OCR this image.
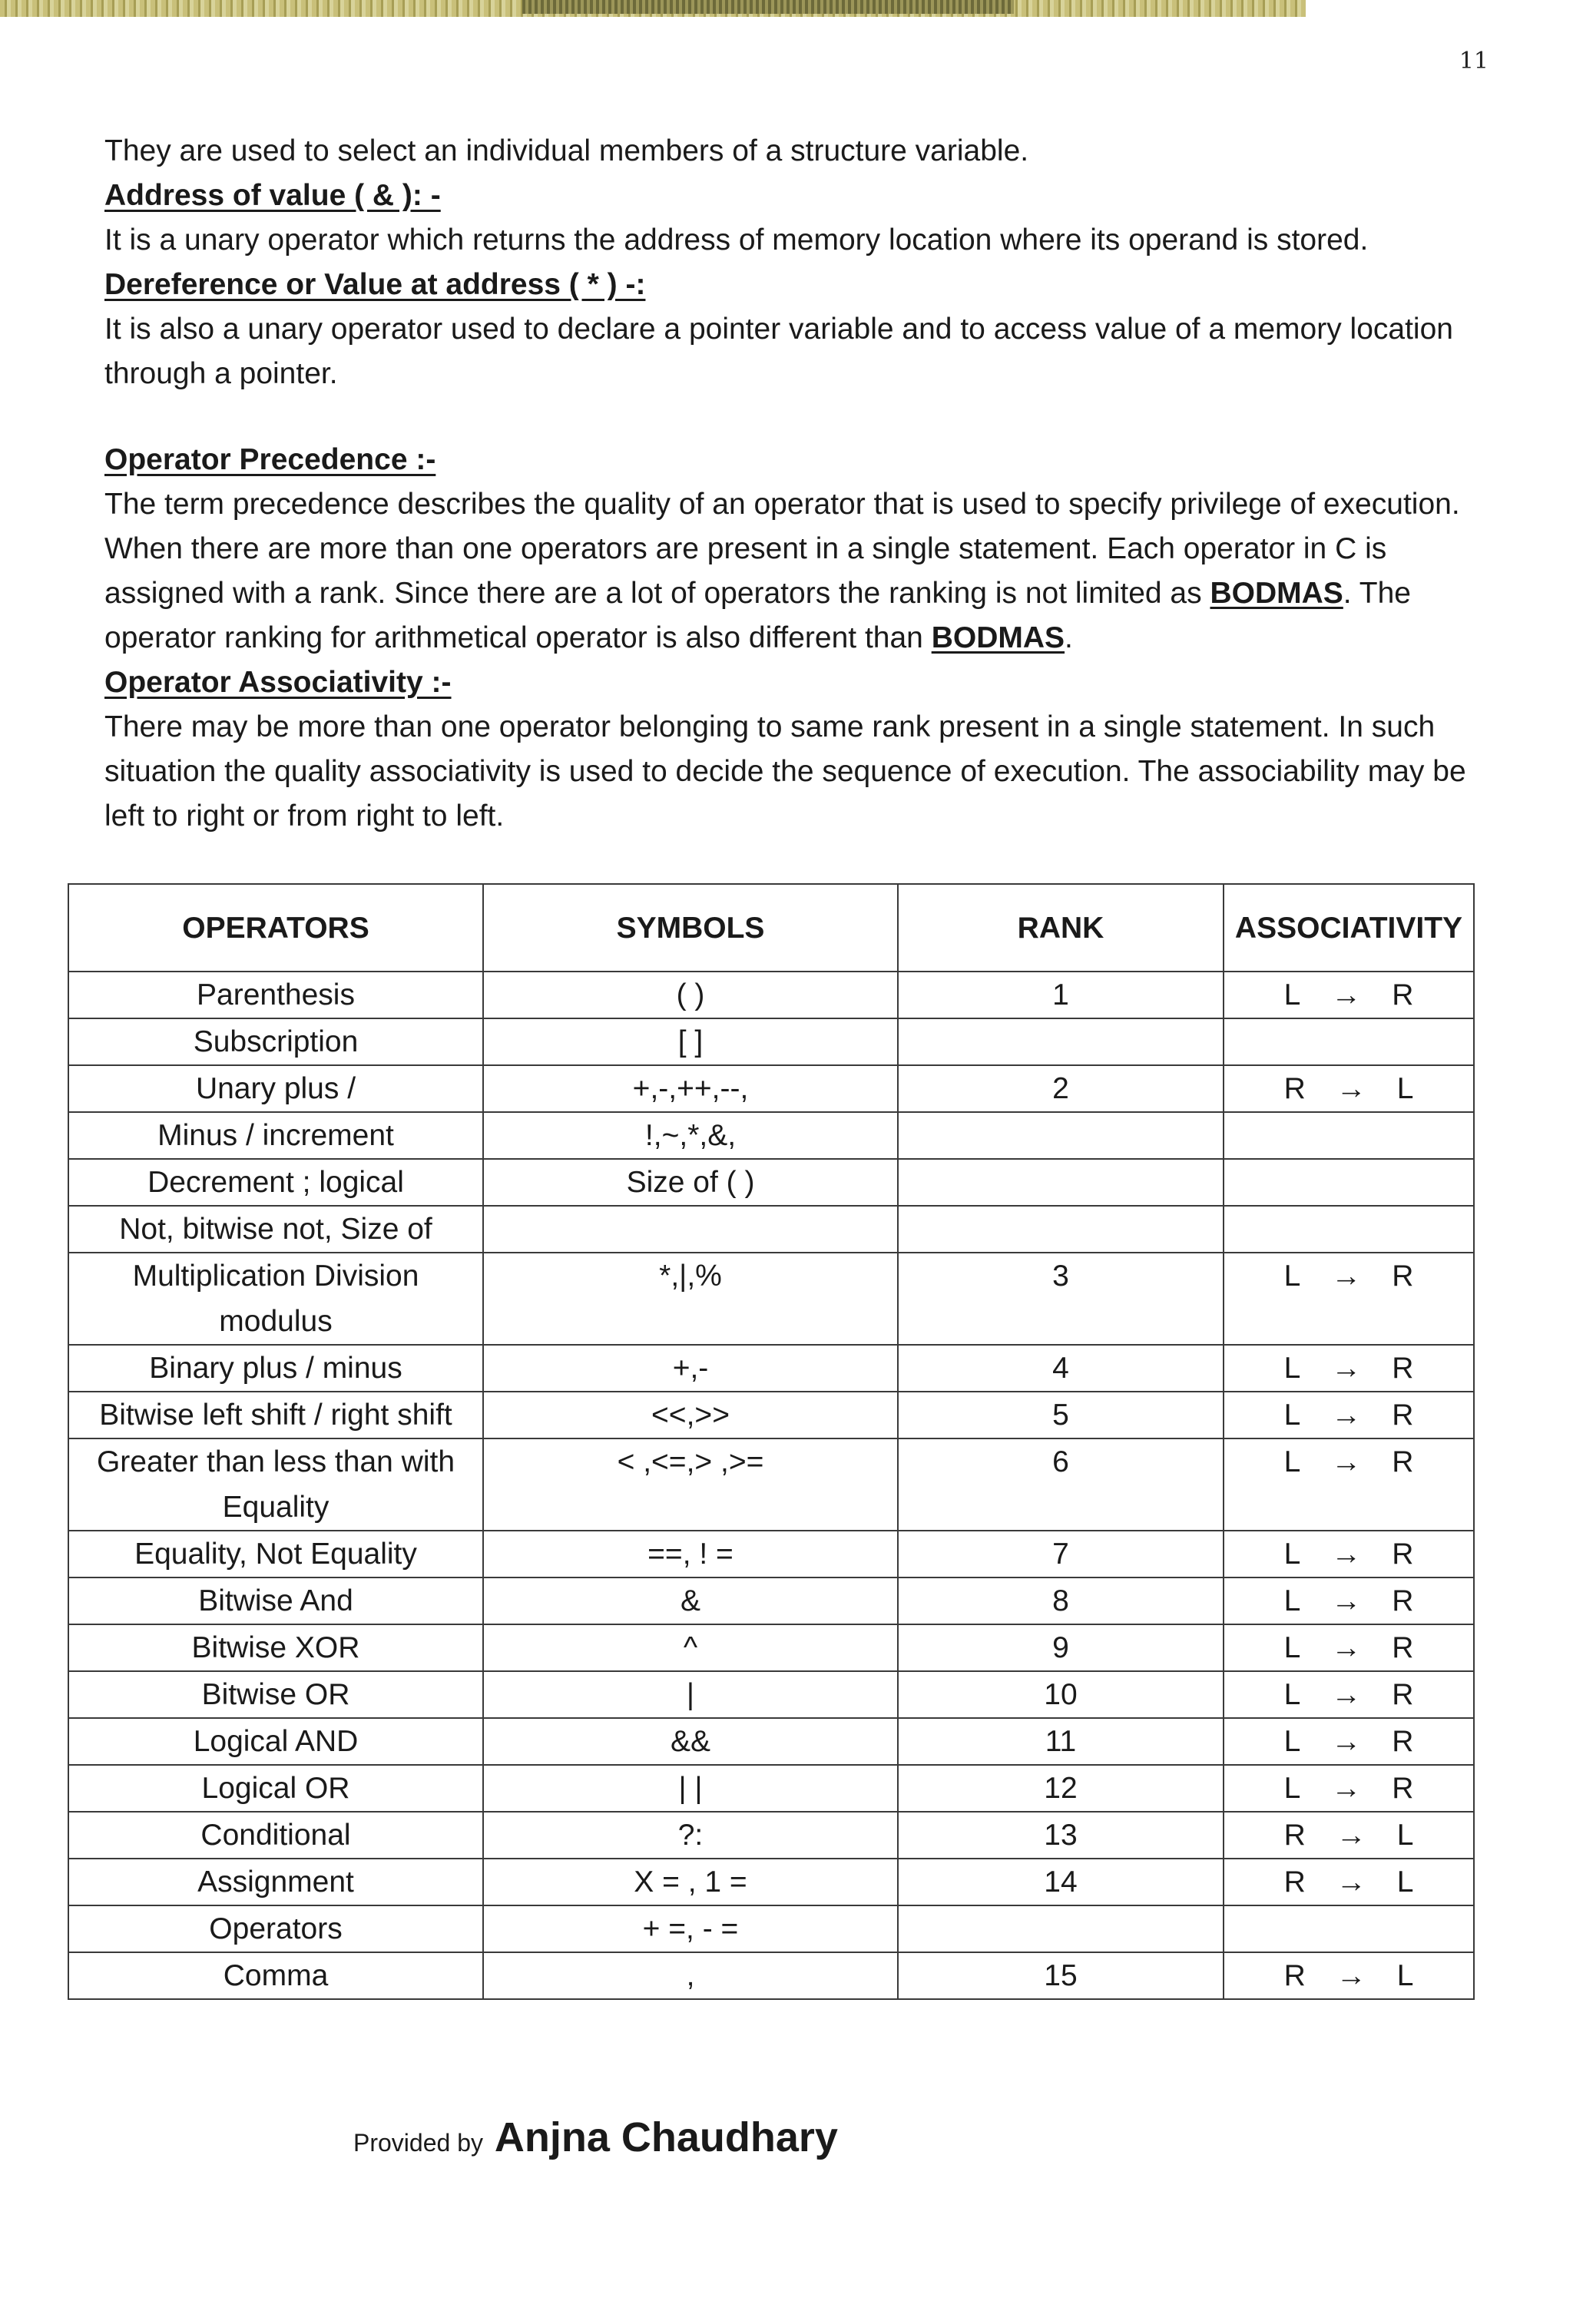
11

They are used to select an individual members of a structure variable.

Address of value ( & ): -

It is a unary operator which returns the address of memory location where its operand is stored.

Dereference or Value at address ( * ) -:

It is also a unary operator used to declare a pointer variable and to access value of a memory location through a pointer.

Operator Precedence :-

The term precedence describes the quality of an operator that is used to specify privilege of execution. When there are more than one operators are present in a single statement. Each operator in C is assigned with a rank. Since there are a lot of operators the ranking is not limited as BODMAS. The operator ranking for arithmetical operator is also different than BODMAS.

Operator Associativity :-

There may be more than one operator belonging to same rank present in a single statement. In such situation the quality associativity is used to decide the sequence of execution. The associability may be left to right or from right to left.

OPERATORS	SYMBOLS	RANK	ASSOCIATIVITY
Parenthesis	( )	1	L → R
Subscription	[ ]		
Unary plus /	+,-,++,--,	2	R → L
Minus / increment	!,~,*,&,		
Decrement ; logical	Size of ( )		
Not, bitwise not, Size of			
Multiplication Division modulus	*,|,%	3	L → R
Binary plus / minus	+,-	4	L → R
Bitwise left shift / right shift	<<,>>	5	L → R
Greater than less than with Equality	< ,<=,> ,>=	6	L → R
Equality, Not Equality	==, ! =	7	L → R
Bitwise And	&	8	L → R
Bitwise XOR	^	9	L → R
Bitwise OR	|	10	L → R
Logical AND	&&	11	L → R
Logical OR	| |	12	L → R
Conditional	?:	13	R → L
Assignment	X = , 1 =	14	R → L
Operators	+ =, - =		
Comma	,	15	R → L
Provided by Anjna Chaudhary
